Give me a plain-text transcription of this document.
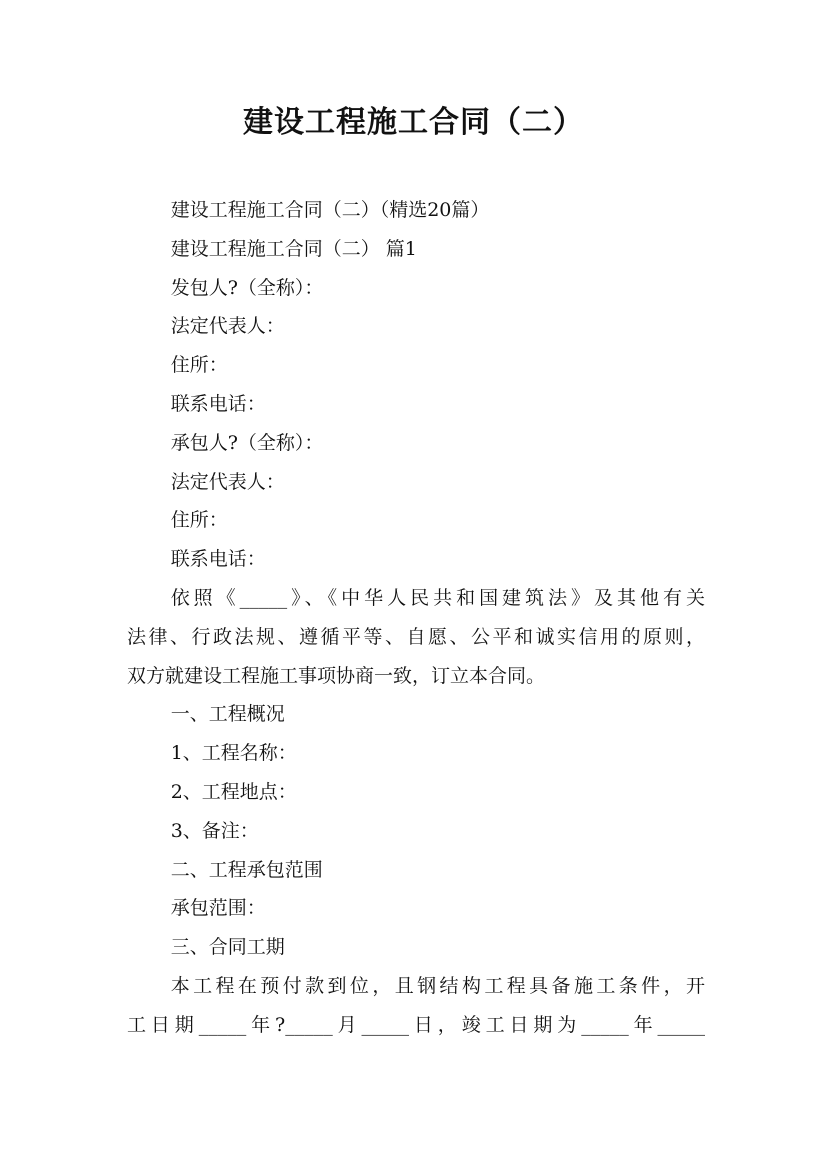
建设工程施工合同（二）
建设工程施工合同（二）（精选20篇）
建设工程施工合同（二） 篇1
发包人?（全称）：
法定代表人：
住所：
联系电话：
承包人?（全称）：
法定代表人：
住所：
联系电话：
依照《_____》、《中华人民共和国建筑法》及其他有关
法律、行政法规、遵循平等、自愿、公平和诚实信用的原则，
双方就建设工程施工事项协商一致，订立本合同。
一、工程概况
1、工程名称：
2、工程地点：
3、备注：
二、工程承包范围
承包范围：
三、合同工期
本工程在预付款到位，且钢结构工程具备施工条件，开
工日期_____年?_____月_____日，竣工日期为_____年_____
